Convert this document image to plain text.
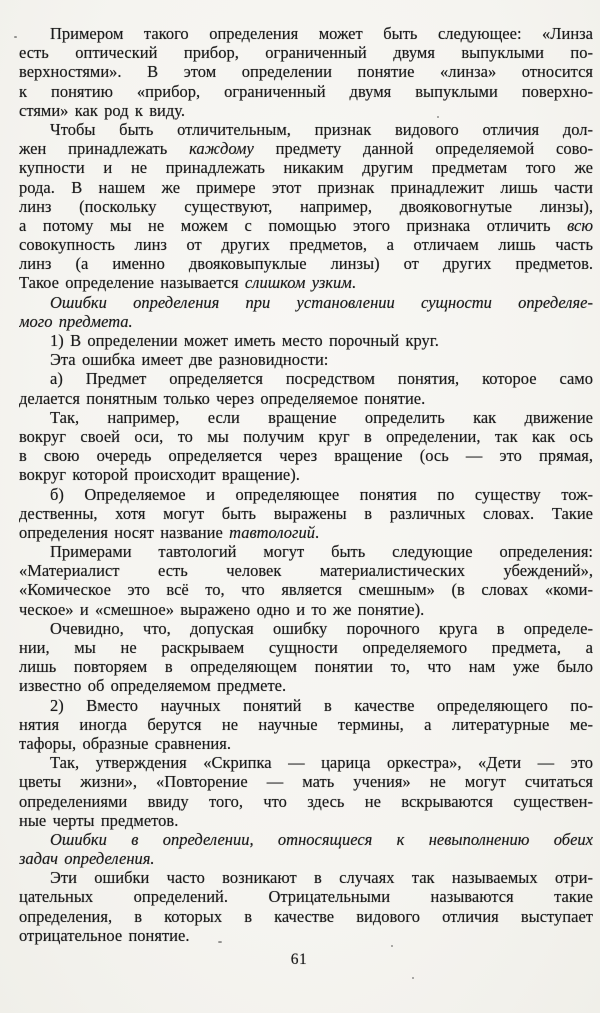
Примером такого определения может быть следующее: «Линза
есть оптический прибор, ограниченный двумя выпуклыми по-
верхностями». В этом определении понятие «линза» относится
к понятию «прибор, ограниченный двумя выпуклыми поверхно-
стями» как род к виду.
Чтобы быть отличительным, признак видового отличия дол-
жен принадлежать каждому предмету данной определяемой сово-
купности и не принадлежать никаким другим предметам того же
рода. В нашем же примере этот признак принадлежит лишь части
линз (поскольку существуют, например, двояковогнутые линзы),
а потому мы не можем с помощью этого признака отличить всю
совокупность линз от других предметов, а отличаем лишь часть
линз (а именно двояковыпуклые линзы) от других предметов.
Такое определение называется слишком узким.
Ошибки определения при установлении сущности определяе-
мого предмета.
1) В определении может иметь место порочный круг.
Эта ошибка имеет две разновидности:
а) Предмет определяется посредством понятия, которое само
делается понятным только через определяемое понятие.
Так, например, если вращение определить как движение
вокруг своей оси, то мы получим круг в определении, так как ось
в свою очередь определяется через вращение (ось — это прямая,
вокруг которой происходит вращение).
б) Определяемое и определяющее понятия по существу тож-
дественны, хотя могут быть выражены в различных словах. Такие
определения носят название тавтологий.
Примерами тавтологий могут быть следующие определения:
«Материалист есть человек материалистических убеждений»,
«Комическое это всё то, что является смешным» (в словах «коми-
ческое» и «смешное» выражено одно и то же понятие).
Очевидно, что, допуская ошибку порочного круга в определе-
нии, мы не раскрываем сущности определяемого предмета, а
лишь повторяем в определяющем понятии то, что нам уже было
известно об определяемом предмете.
2) Вместо научных понятий в качестве определяющего по-
нятия иногда берутся не научные термины, а литературные ме-
тафоры, образные сравнения.
Так, утверждения «Скрипка — царица оркестра», «Дети — это
цветы жизни», «Повторение — мать учения» не могут считаться
определениями ввиду того, что здесь не вскрываются существен-
ные черты предметов.
Ошибки в определении, относящиеся к невыполнению обеих
задач определения.
Эти ошибки часто возникают в случаях так называемых отри-
цательных определений. Отрицательными называются такие
определения, в которых в качестве видового отличия выступает
отрицательное понятие.
61
